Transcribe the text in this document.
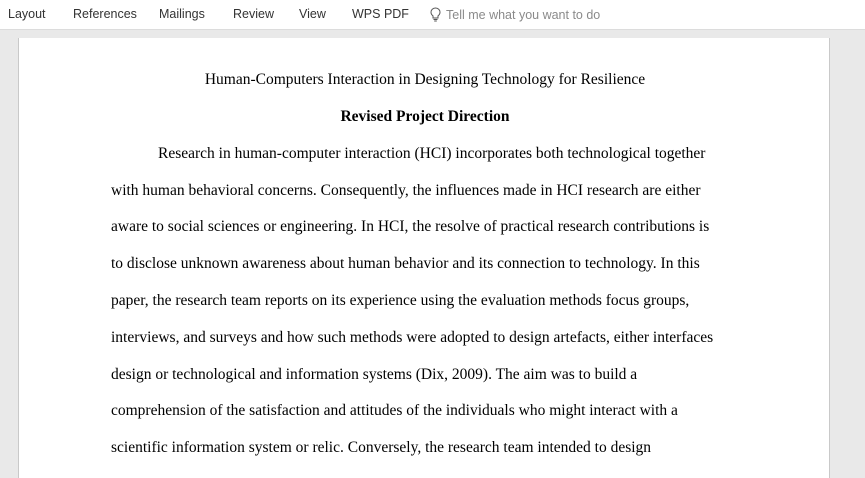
Layout References Mailings Review View WPS PDF	Tell me what you want to do
Human-Computers Interaction in Designing Technology for Resilience
Revised Project Direction
Research in human-computer interaction (HCI) incorporates both technological together
with human behavioral concerns. Consequently, the influences made in HCI research are either
aware to social sciences or engineering. In HCI, the resolve of practical research contributions is
to disclose unknown awareness about human behavior and its connection to technology. In this
paper, the research team reports on its experience using the evaluation methods focus groups,
interviews, and surveys and how such methods were adopted to design artefacts, either interfaces
design or technological and information systems (Dix, 2009). The aim was to build a
comprehension of the satisfaction and attitudes of the individuals who might interact with a
scientific information system or relic. Conversely, the research team intended to design
